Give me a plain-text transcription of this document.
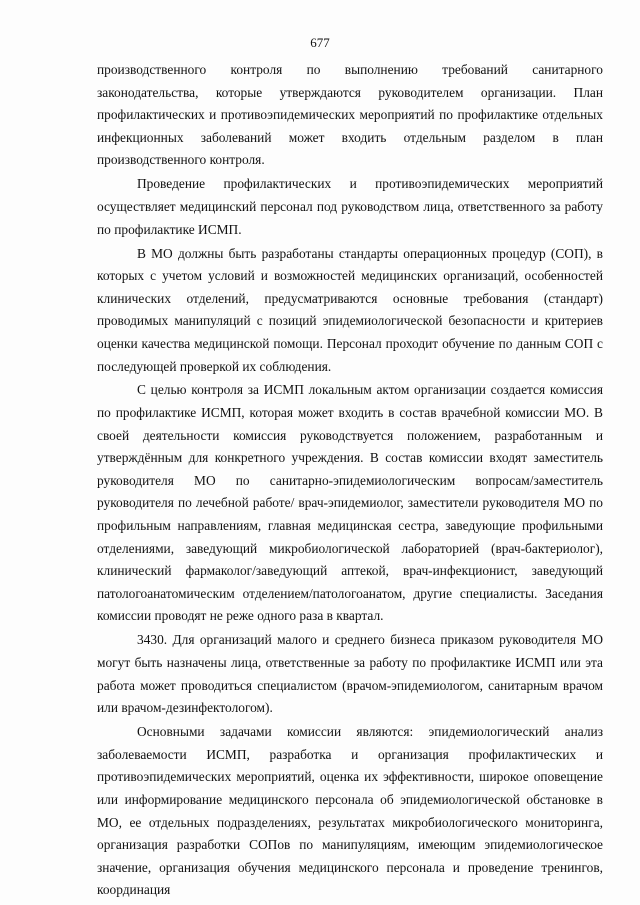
677

производственного контроля по выполнению требований санитарного законодательства, которые утверждаются руководителем организации. План профилактических и противоэпидемических мероприятий по профилактике отдельных инфекционных заболеваний может входить отдельным разделом в план производственного контроля.

Проведение профилактических и противоэпидемических мероприятий осуществляет медицинский персонал под руководством лица, ответственного за работу по профилактике ИСМП.

В МО должны быть разработаны стандарты операционных процедур (СОП), в которых с учетом условий и возможностей медицинских организаций, особенностей клинических отделений, предусматриваются основные требования (стандарт) проводимых манипуляций с позиций эпидемиологической безопасности и критериев оценки качества медицинской помощи. Персонал проходит обучение по данным СОП с последующей проверкой их соблюдения.

С целью контроля за ИСМП локальным актом организации создается комиссия по профилактике ИСМП, которая может входить в состав врачебной комиссии МО. В своей деятельности комиссия руководствуется положением, разработанным и утверждённым для конкретного учреждения. В состав комиссии входят заместитель руководителя МО по санитарно-эпидемиологическим вопросам/заместитель руководителя по лечебной работе/ врач-эпидемиолог, заместители руководителя МО по профильным направлениям, главная медицинская сестра, заведующие профильными отделениями, заведующий микробиологической лабораторией (врач-бактериолог), клинический фармаколог/заведующий аптекой, врач-инфекционист, заведующий патологоанатомическим отделением/патологоанатом, другие специалисты. Заседания комиссии проводят не реже одного раза в квартал.

3430. Для организаций малого и среднего бизнеса приказом руководителя МО могут быть назначены лица, ответственные за работу по профилактике ИСМП или эта работа может проводиться специалистом (врачом-эпидемиологом, санитарным врачом или врачом-дезинфектологом).

Основными задачами комиссии являются: эпидемиологический анализ заболеваемости ИСМП, разработка и организация профилактических и противоэпидемических мероприятий, оценка их эффективности, широкое оповещение или информирование медицинского персонала об эпидемиологической обстановке в МО, ее отдельных подразделениях, результатах микробиологического мониторинга, организация разработки СОПов по манипуляциям, имеющим эпидемиологическое значение, организация обучения медицинского персонала и проведение тренингов, координация
